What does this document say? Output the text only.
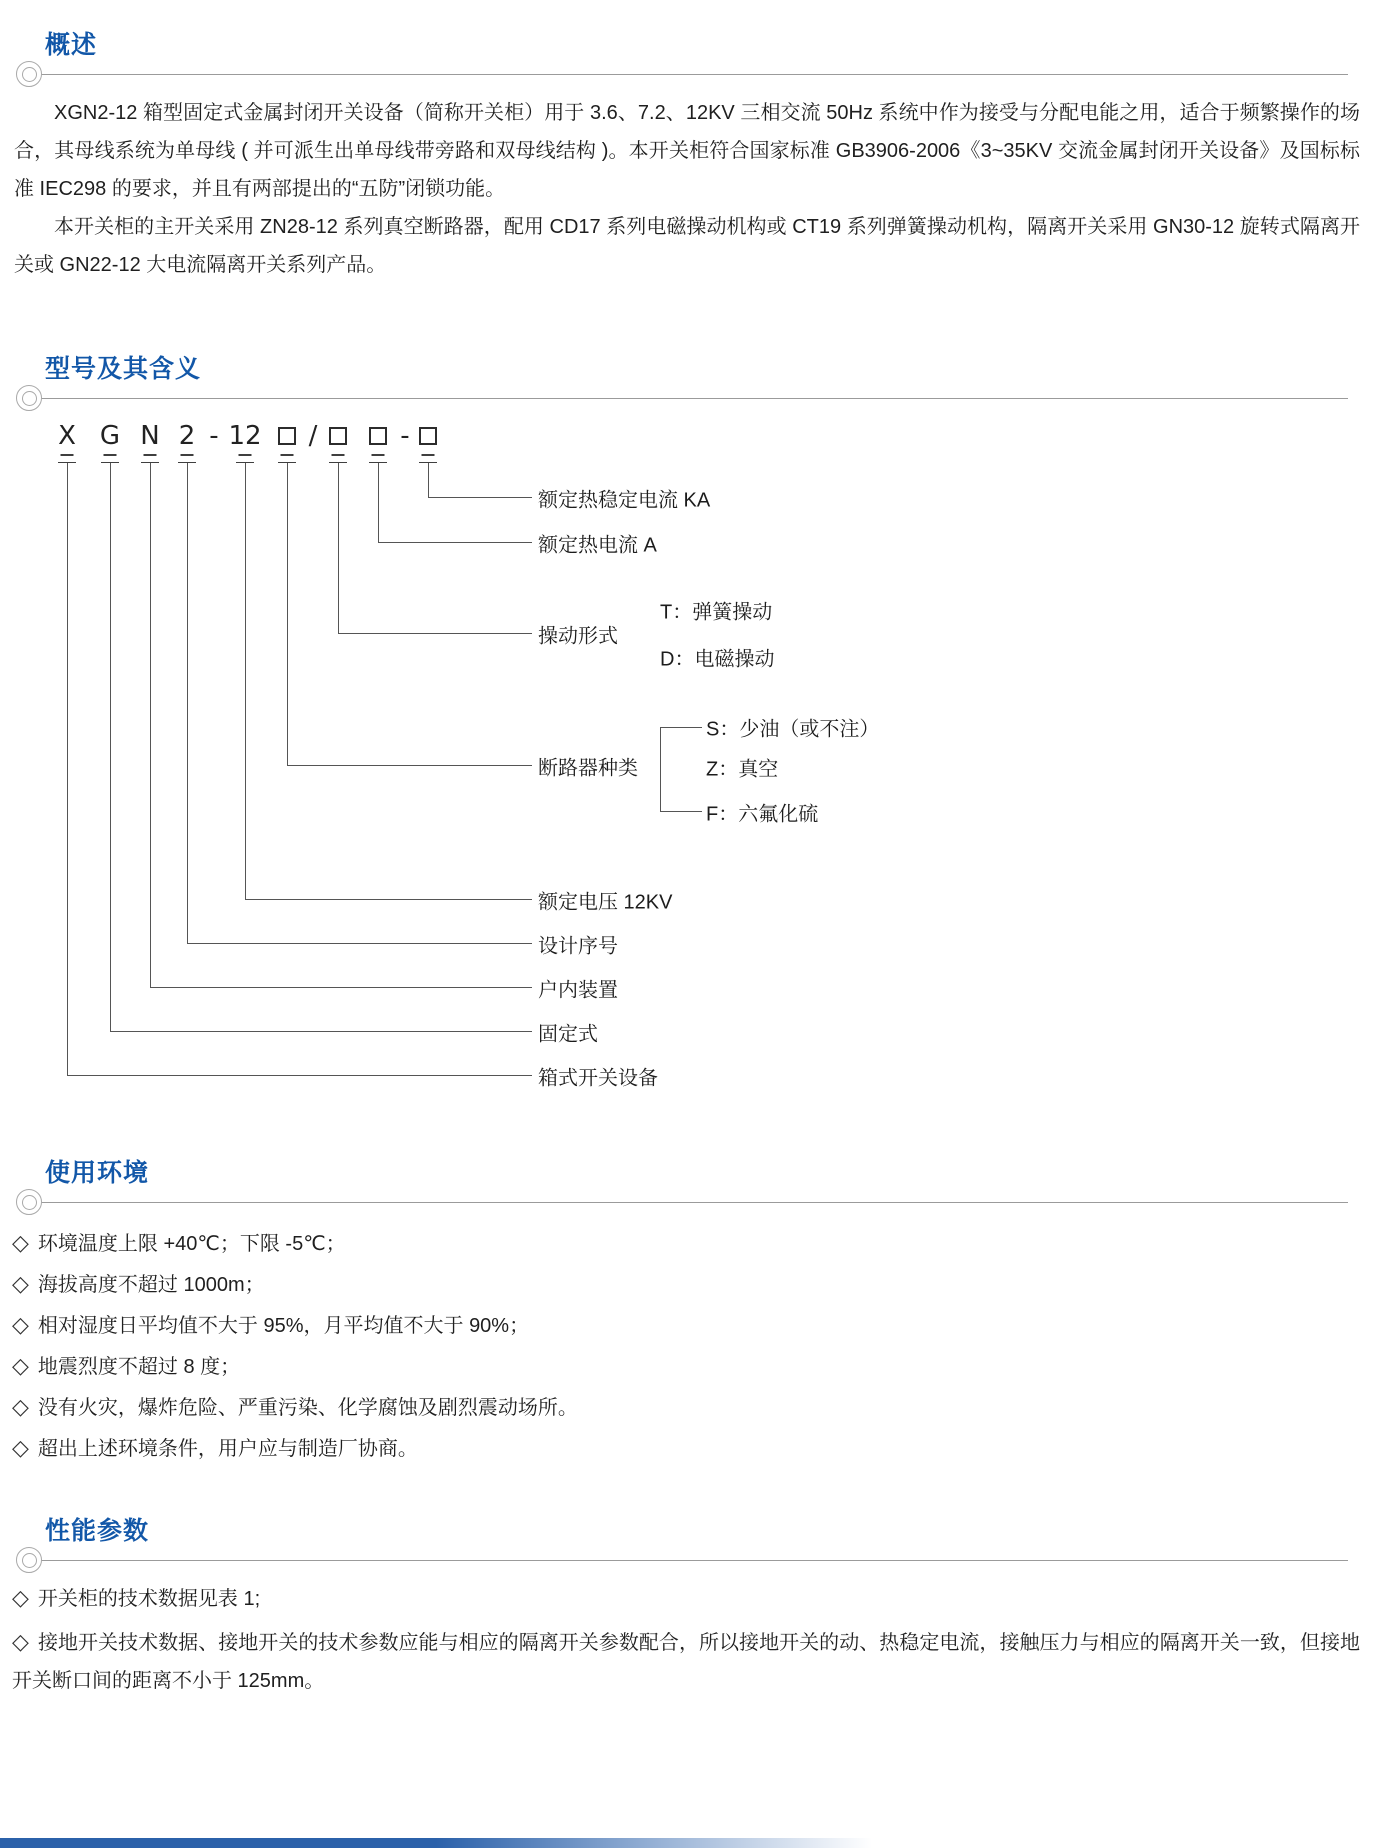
概述

XGN2-12 箱型固定式金属封闭开关设备（简称开关柜）用于 3.6、7.2、12KV 三相交流 50Hz 系统中作为接受与分配电能之用，适合于频繁操作的场合，其母线系统为单母线 ( 并可派生出单母线带旁路和双母线结构 )。本开关柜符合国家标准 GB3906-2006《3~35KV 交流金属封闭开关设备》及国标标准 IEC298 的要求，并且有两部提出的“五防”闭锁功能。

本开关柜的主开关采用 ZN28-12 系列真空断路器，配用 CD17 系列电磁操动机构或 CT19 系列弹簧操动机构，隔离开关采用 GN30-12 旋转式隔离开关或 GN22-12 大电流隔离开关系列产品。

型号及其含义
X G N 2 - 12 /	-
额定热稳定电流 KA
额定热电流 A
操动形式
断路器种类
额定电压 12KV
设计序号
户内装置
固定式
箱式开关设备
T：弹簧操动
D：电磁操动
S：少油（或不注）
Z：真空
F：六氟化硫
使用环境
◇ 环境温度上限 +40℃；下限 -5℃；
◇ 海拔高度不超过 1000m；
◇ 相对湿度日平均值不大于 95%，月平均值不大于 90%；
◇ 地震烈度不超过 8 度；
◇ 没有火灾，爆炸危险、严重污染、化学腐蚀及剧烈震动场所。
◇ 超出上述环境条件，用户应与制造厂协商。
性能参数
◇ 开关柜的技术数据见表 1;
◇ 接地开关技术数据、接地开关的技术参数应能与相应的隔离开关参数配合，所以接地开关的动、热稳定电流，接触压力与相应的隔离开关一致，但接地开关断口间的距离不小于 125mm。
